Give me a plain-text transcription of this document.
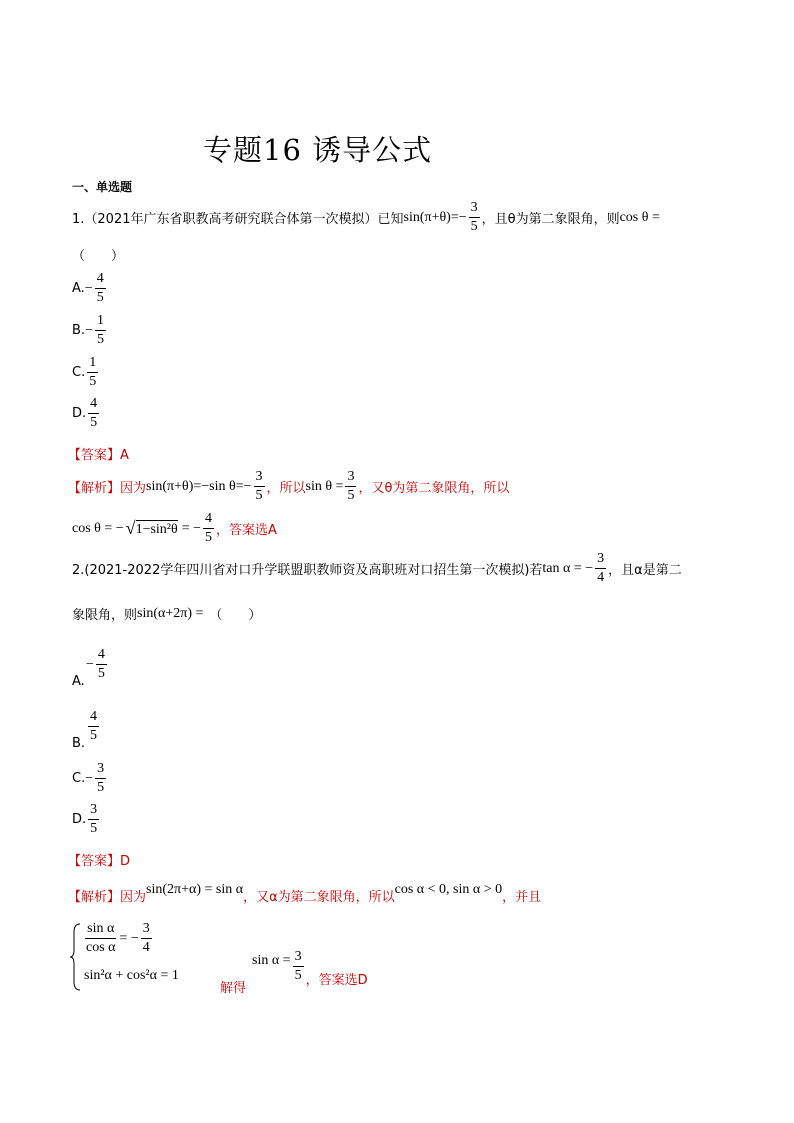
专题16 诱导公式
一、单选题
1.（2021年广东省职教高考研究联合体第一次模拟）已知 $\sin(\pi+\theta)=- \frac{3}{5}$ ，且θ为第二象限角，则 cos θ =
（　　）
A. − $\frac{4}{5}$
B. − $\frac{1}{5}$
C. $\frac{1}{5}$
D. $\frac{4}{5}$
【答案】A
【解析】 因为 sin(π+θ)=−sin $\theta=- \frac{3}{5}$ ，所以 $\sin \theta = \frac{3}{5}$ ，又θ为第二象限角，所以
cos θ = − √ 1−sin²θ = − $\frac{4}{5}$ ，答案选A
2.(2021-2022学年四川省对口升学联盟职教师资及高职班对口招生第一次模拟)若 tan α = − $\frac{3}{4}$ ，且α是第二
象限角，则 sin(α+2π) = （　　）
− $\frac{4}{5}$
A.
$\frac{4}{5}$
B.
C. − $\frac{3}{5}$
D. $\frac{3}{5}$
【答案】D
【解析】 因为
sin(2π+α) = sin α
，又α为第二象限角，所以
cos α < 0, sin α > 0
，并且
$\frac{\text{sin α}}{\text{cos α}}$ = − $\frac{3}{4}$
sin²α + cos²α = 1
解得
$\sin \alpha = \frac{3}{5}$ ，答案选D
